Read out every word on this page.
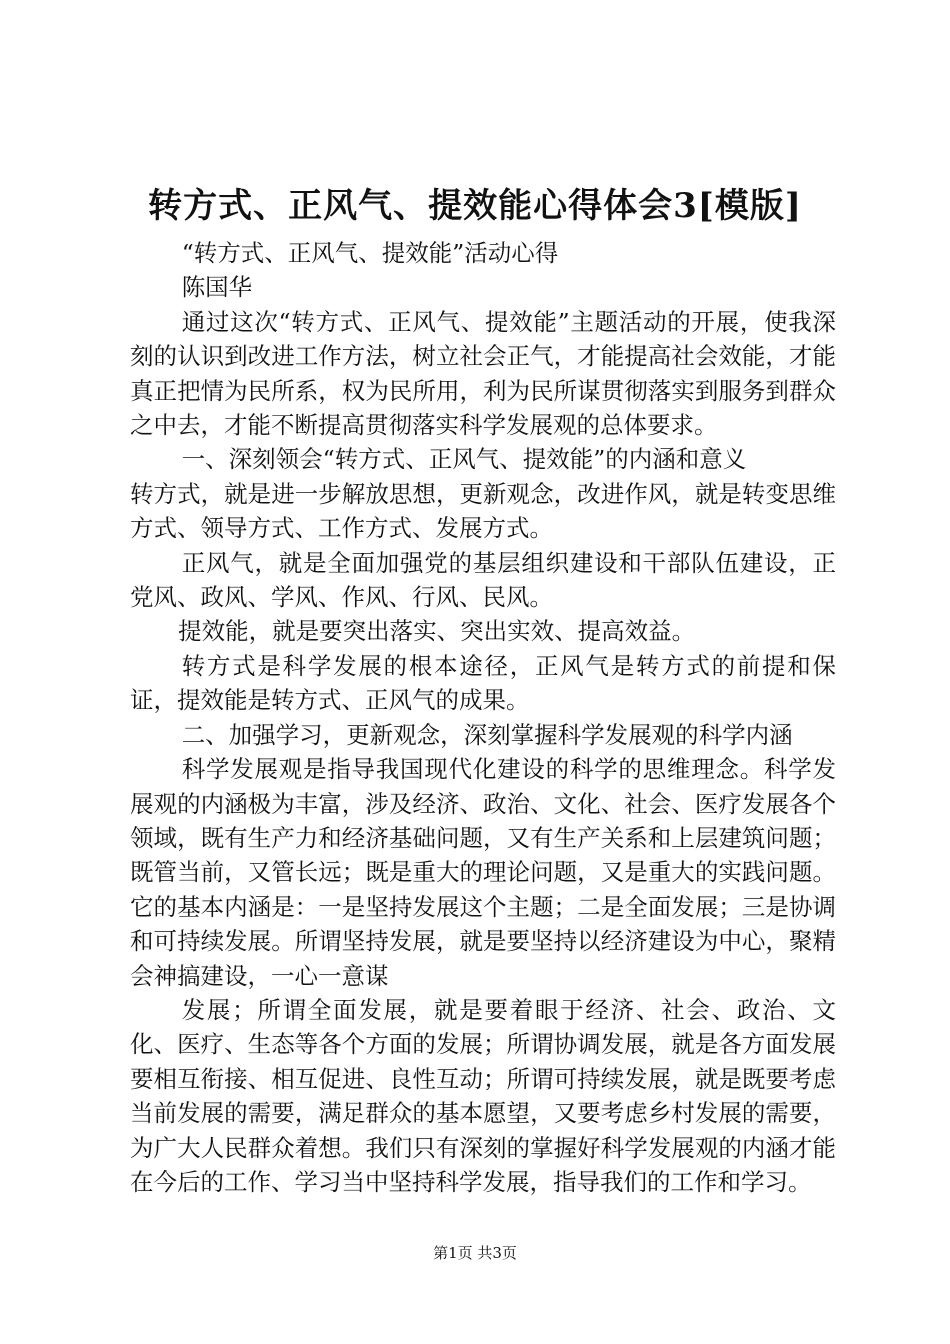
转方式、正风气、提效能心得体会3[模版]

“转方式、正风气、提效能”活动心得

陈国华

通过这次“转方式、正风气、提效能”主题活动的开展，使我深刻的认识到改进工作方法，树立社会正气，才能提高社会效能，才能真正把情为民所系，权为民所用，利为民所谋贯彻落实到服务到群众之中去，才能不断提高贯彻落实科学发展观的总体要求。

一、深刻领会“转方式、正风气、提效能”的内涵和意义

转方式，就是进一步解放思想，更新观念，改进作风，就是转变思维方式、领导方式、工作方式、发展方式。

正风气，就是全面加强党的基层组织建设和干部队伍建设，正党风、政风、学风、作风、行风、民风。

提效能，就是要突出落实、突出实效、提高效益。

转方式是科学发展的根本途径，正风气是转方式的前提和保证，提效能是转方式、正风气的成果。

二、加强学习，更新观念，深刻掌握科学发展观的科学内涵

科学发展观是指导我国现代化建设的科学的思维理念。科学发展观的内涵极为丰富，涉及经济、政治、文化、社会、医疗发展各个领域，既有生产力和经济基础问题，又有生产关系和上层建筑问题；既管当前，又管长远；既是重大的理论问题，又是重大的实践问题。它的基本内涵是：一是坚持发展这个主题；二是全面发展；三是协调和可持续发展。所谓坚持发展，就是要坚持以经济建设为中心，聚精会神搞建设，一心一意谋

发展；所谓全面发展，就是要着眼于经济、社会、政治、文化、医疗、生态等各个方面的发展；所谓协调发展，就是各方面发展要相互衔接、相互促进、良性互动；所谓可持续发展，就是既要考虑当前发展的需要，满足群众的基本愿望，又要考虑乡村发展的需要，为广大人民群众着想。我们只有深刻的掌握好科学发展观的内涵才能在今后的工作、学习当中坚持科学发展，指导我们的工作和学习。

第1页 共3页
